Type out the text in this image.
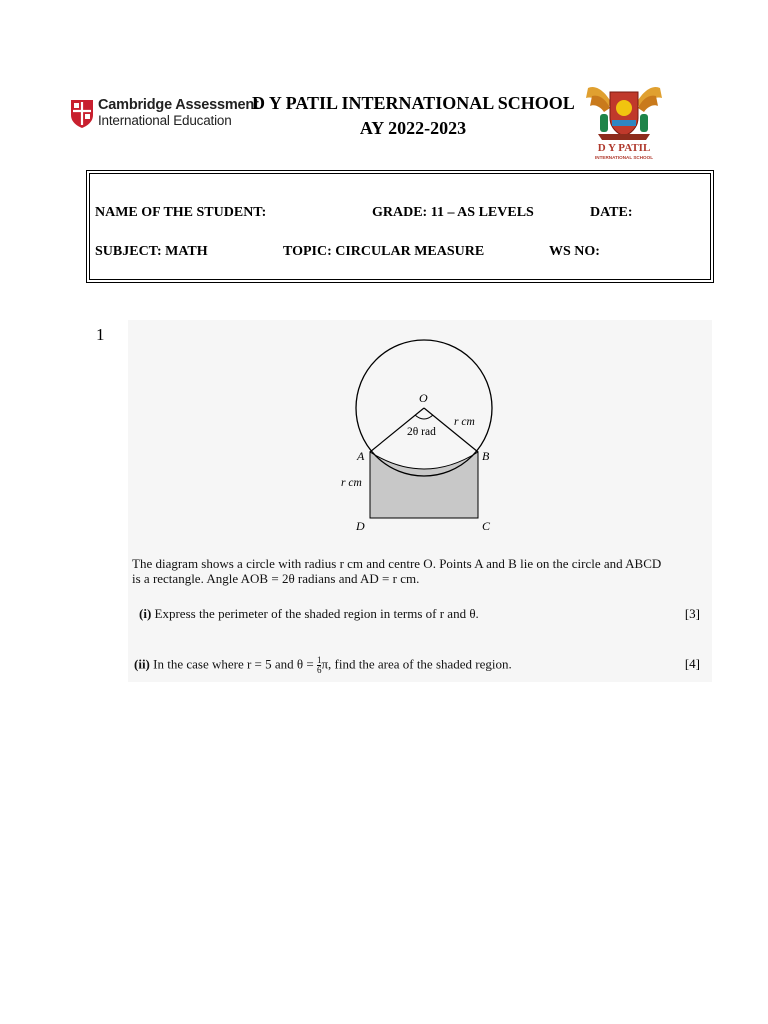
Cambridge Assessment
International Education
D Y PATIL INTERNATIONAL SCHOOL
AY 2022-2023
D Y PATIL
INTERNATIONAL SCHOOL
NAME OF THE STUDENT:	GRADE: 11 – AS LEVELS	DATE:
SUBJECT: MATH	TOPIC: CIRCULAR MEASURE	WS NO:
1
O
2θ rad
r cm
A	B
r cm
D	C
The diagram shows a circle with radius r cm and centre O. Points A and B lie on the circle and ABCD
is a rectangle. Angle AOB = 2θ radians and AD = r cm.
(i) Express the perimeter of the shaded region in terms of r and θ.	[3]
(ii) In the case where r = 5 and $\theta = \frac{1}{6} \pi$, find the area of the shaded region.	[4]
